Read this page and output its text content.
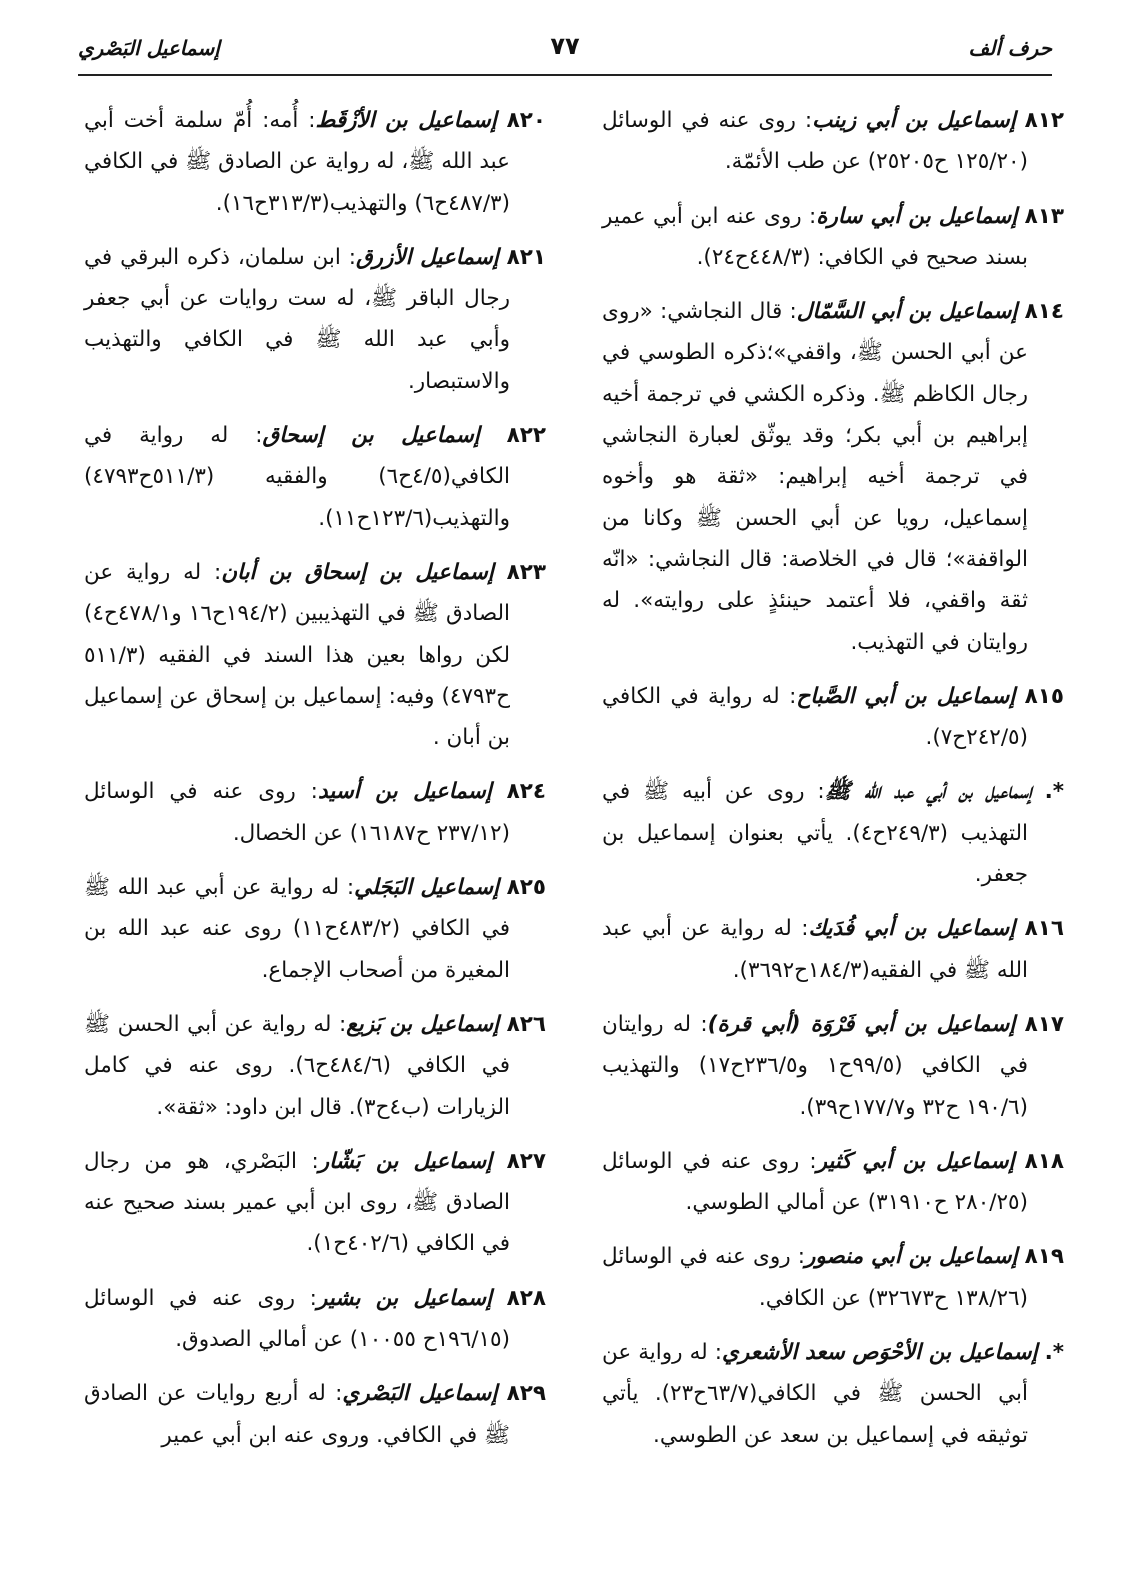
حرف ألف
٧٧
إسماعيل البَصْري

٨١٢ إسماعيل بن أبي زينب: روى عنه في الوسائل (١٢٥/٢٠ ح٢٥٢٠٥) عن طب الأئمّة.

٨١٣ إسماعيل بن أبي سارة: روى عنه ابن أبي عمير بسند صحيح في الكافي: (٤٤٨/٣ح٢٤).

٨١٤ إسماعيل بن أبي السَّمّال: قال النجاشي: «روى عن أبي الحسن ﷺ، واقفي»؛ذكره الطوسي في رجال الكاظم ﷺ. وذكره الكشي في ترجمة أخيه إبراهيم بن أبي بكر؛ وقد يوثّق لعبارة النجاشي في ترجمة أخيه إبراهيم: «ثقة هو وأخوه إسماعيل، رويا عن أبي الحسن ﷺ وكانا من الواقفة»؛ قال في الخلاصة: قال النجاشي: «انّه ثقة واقفي، فلا أعتمد حينئذٍ على روايته». له روايتان في التهذيب.

٨١٥ إسماعيل بن أبي الصَّباح: له رواية في الكافي (٢٤٢/٥ح٧).

*. إسماعيل بن أبي عبد الله ﷺ: روى عن أبيه ﷺ في التهذيب (٢٤٩/٣ح٤). يأتي بعنوان إسماعيل بن جعفر.

٨١٦ إسماعيل بن أبي فُدَيك: له رواية عن أبي عبد الله ﷺ في الفقيه(١٨٤/٣ح٣٦٩٢).

٨١٧ إسماعيل بن أبي فَرْوَة (أبي قرة): له روايتان في الكافي (٩٩/٥ح١ و٢٣٦/٥ح١٧) والتهذيب (١٩٠/٦ ح٣٢ و١٧٧/٧ح٣٩).

٨١٨ إسماعيل بن أبي كَثير: روى عنه في الوسائل (٢٨٠/٢٥ ح٣١٩١٠) عن أمالي الطوسي.

٨١٩ إسماعيل بن أبي منصور: روى عنه في الوسائل (١٣٨/٢٦ ح٣٢٦٧٣) عن الكافي.

*. إسماعيل بن الأحْوَص سعد الأشعري: له رواية عن أبي الحسن ﷺ في الكافي(٦٣/٧ح٢٣). يأتي توثيقه في إسماعيل بن سعد عن الطوسي.

٨٢٠ إسماعيل بن الأزْقَط: أُمه: أُمّ سلمة أخت أبي عبد الله ﷺ، له رواية عن الصادق ﷺ في الكافي (٤٨٧/٣ح٦) والتهذيب(٣١٣/٣ح١٦).

٨٢١ إسماعيل الأزرق: ابن سلمان، ذكره البرقي في رجال الباقر ﷺ، له ست روايات عن أبي جعفر وأبي عبد الله ﷺ في الكافي والتهذيب والاستبصار.

٨٢٢ إسماعيل بن إسحاق: له رواية في الكافي(٤/٥ح٦) والفقيه (٥١١/٣ح٤٧٩٣) والتهذيب(١٢٣/٦ح١١).

٨٢٣ إسماعيل بن إسحاق بن أبان: له رواية عن الصادق ﷺ في التهذيبين (١٩٤/٢ح١٦ و٤٧٨/١ح٤) لكن رواها بعين هذا السند في الفقيه (٥١١/٣ ح٤٧٩٣) وفيه: إسماعيل بن إسحاق عن إسماعيل بن أبان .

٨٢٤ إسماعيل بن أسيد: روى عنه في الوسائل (٢٣٧/١٢ ح١٦١٨٧) عن الخصال.

٨٢٥ إسماعيل البَجَلي: له رواية عن أبي عبد الله ﷺ في الكافي (٤٨٣/٢ح١١) روى عنه عبد الله بن المغيرة من أصحاب الإجماع.

٨٢٦ إسماعيل بن بَزيع: له رواية عن أبي الحسن ﷺ في الكافي (٤٨٤/٦ح٦). روى عنه في كامل الزيارات (ب٤ح٣). قال ابن داود: «ثقة».

٨٢٧ إسماعيل بن بَشّار: البَصْري، هو من رجال الصادق ﷺ، روى ابن أبي عمير بسند صحيح عنه في الكافي (٤٠٢/٦ح١).

٨٢٨ إسماعيل بن بشير: روى عنه في الوسائل (١٩٦/١٥ح ١٠٠٥٥) عن أمالي الصدوق.

٨٢٩ إسماعيل البَصْري: له أربع روايات عن الصادق ﷺ في الكافي. وروى عنه ابن أبي عمير
